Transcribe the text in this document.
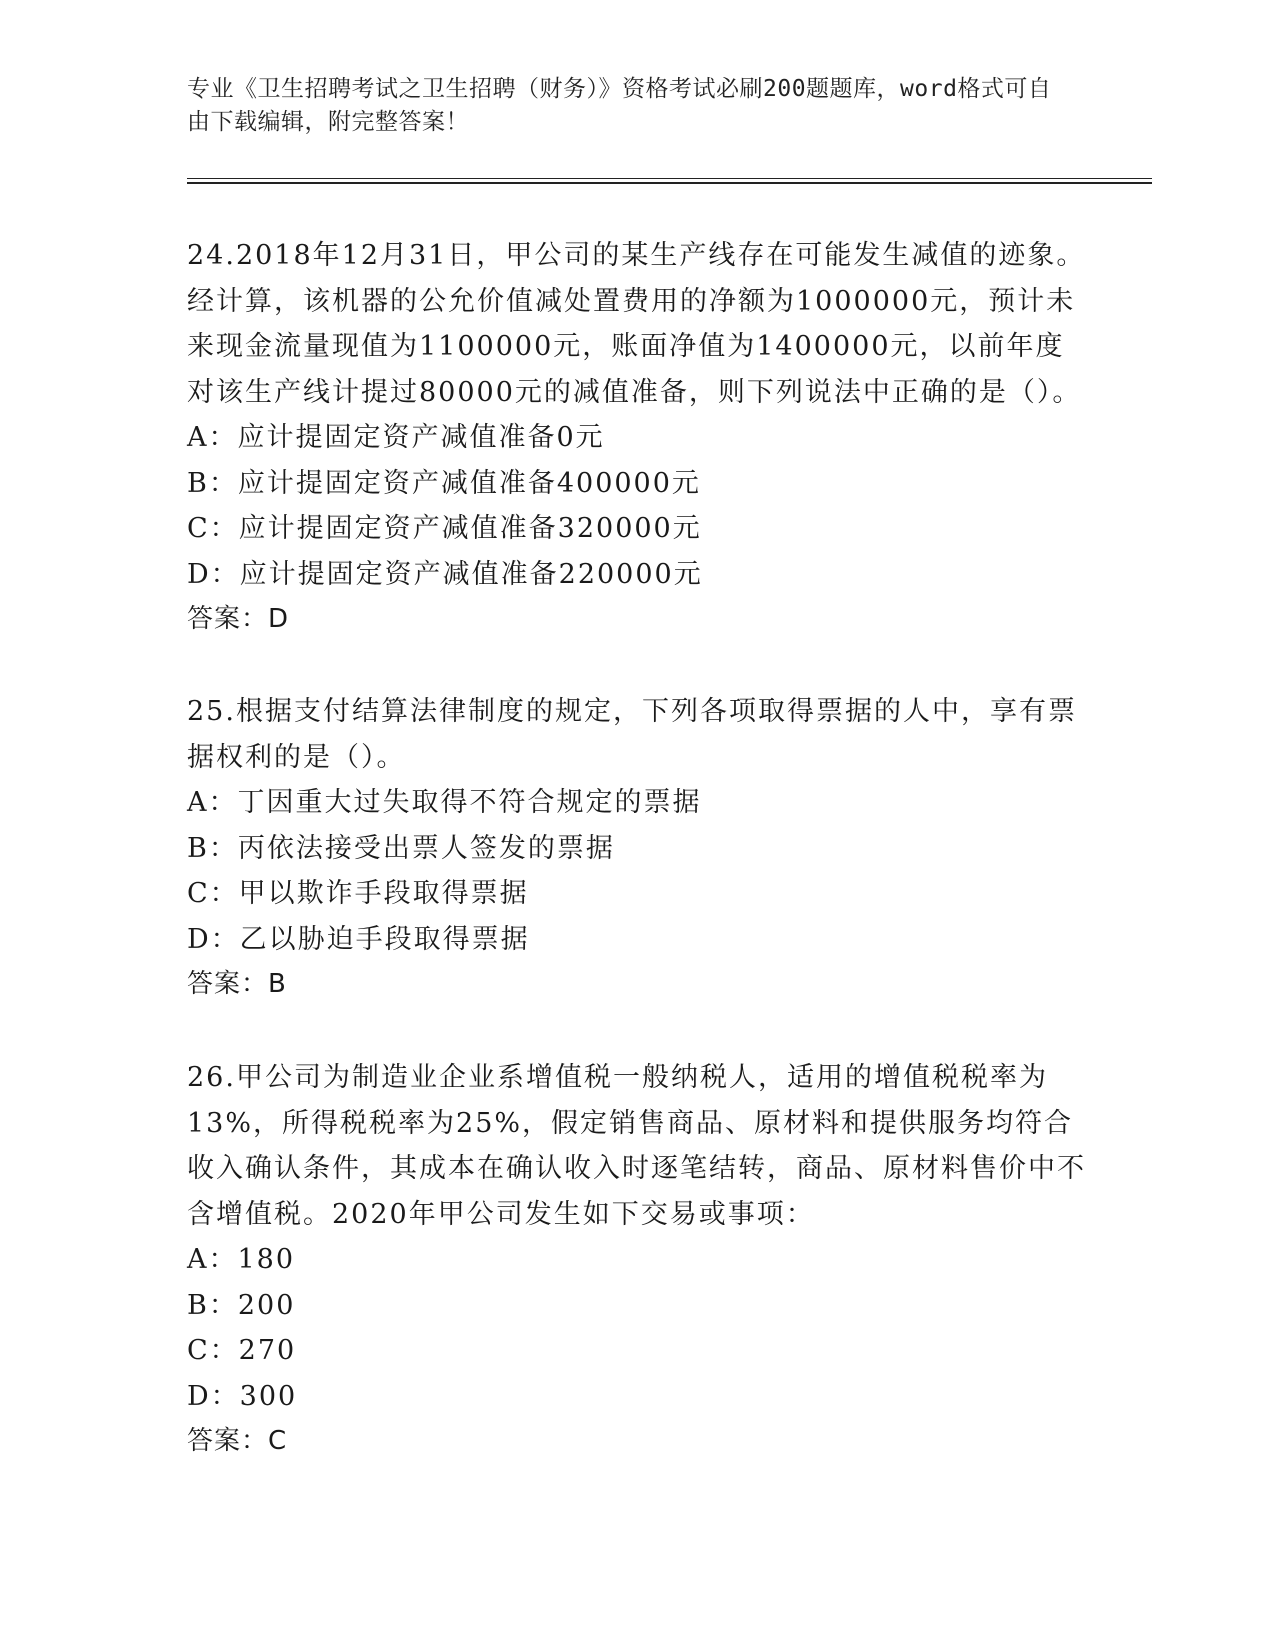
专业《卫生招聘考试之卫生招聘（财务）》资格考试必刷200题题库，word格式可自由下载编辑，附完整答案！

24.2018年12月31日，甲公司的某生产线存在可能发生减值的迹象。经计算，该机器的公允价值减处置费用的净额为1000000元，预计未来现金流量现值为1100000元，账面净值为1400000元，以前年度对该生产线计提过80000元的减值准备，则下列说法中正确的是（）。

A：应计提固定资产减值准备0元

B：应计提固定资产减值准备400000元

C：应计提固定资产减值准备320000元

D：应计提固定资产减值准备220000元

答案：D

25.根据支付结算法律制度的规定，下列各项取得票据的人中，享有票据权利的是（）。

A：丁因重大过失取得不符合规定的票据

B：丙依法接受出票人签发的票据

C：甲以欺诈手段取得票据

D：乙以胁迫手段取得票据

答案：B

26.甲公司为制造业企业系增值税一般纳税人，适用的增值税税率为13%，所得税税率为25%，假定销售商品、原材料和提供服务均符合收入确认条件，其成本在确认收入时逐笔结转，商品、原材料售价中不含增值税。2020年甲公司发生如下交易或事项：

A：180

B：200

C：270

D：300

答案：C
